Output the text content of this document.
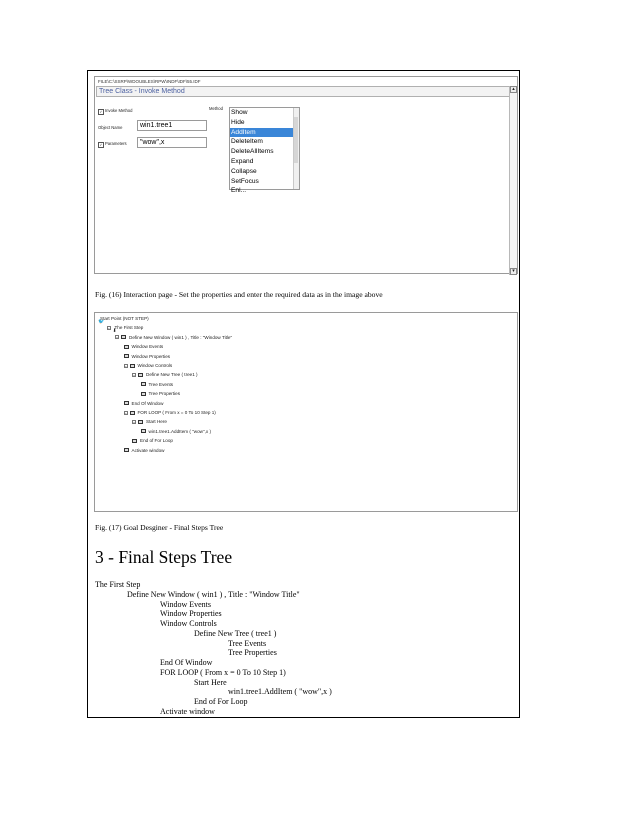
FILE\C:\SSRP\WDOUBLES\RPW\INDF\IDF\55.IDF
Tree Class - Invoke Method	▴
▾
✓ Invoke Method	Method
Object Name	win1.tree1
✓ Parameters	"wow",x
Show
Hide
AddItem
DeleteItem
DeleteAllItems
Expand
Collapse
SetFocus
Enl...
Fig. (16) Interaction page - Set the properties and enter the required data as in the image above
🐦
Start Point (NOT STEP)
− ⬇
The First Step
− Define New Window ( win1 ) , Title : "Window Title"
Window Events
Window Properties
− Window Controls
− Define New Tree ( tree1 )
Tree Events
Tree Properties
End Of Window
− FOR LOOP ( From x = 0 To 10 Step 1)
− Start Here
win1.tree1.AddItem ( "wow",x )
End of For Loop
Activate window
Fig. (17) Goal Desginer - Final Steps Tree
3 - Final Steps Tree
The First Step
Define New Window ( win1 ) , Title : "Window Title"
Window Events
Window Properties
Window Controls
Define New Tree ( tree1 )
Tree Events
Tree Properties
End Of Window
FOR LOOP ( From x = 0 To 10 Step 1)
Start Here
win1.tree1.AddItem ( "wow",x )
End of For Loop
Activate window
